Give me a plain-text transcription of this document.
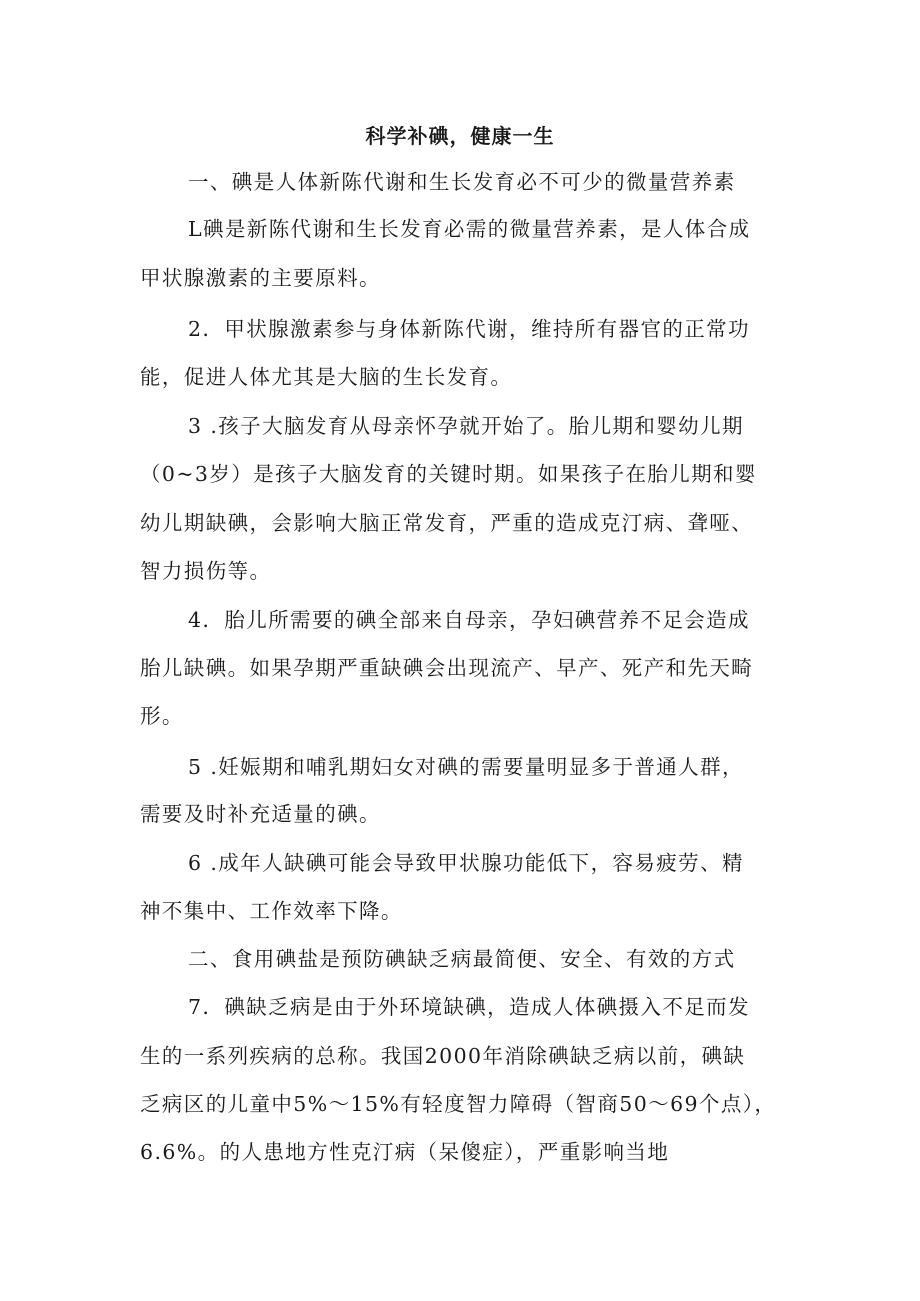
科学补碘，健康一生
一、碘是人体新陈代谢和生长发育必不可少的微量营养素
L碘是新陈代谢和生长发育必需的微量营养素，是人体合成
甲状腺激素的主要原料。
2．甲状腺激素参与身体新陈代谢，维持所有器官的正常功
能，促进人体尤其是大脑的生长发育。
3 .孩子大脑发育从母亲怀孕就开始了。胎儿期和婴幼儿期
（0~3岁）是孩子大脑发育的关键时期。如果孩子在胎儿期和婴
幼儿期缺碘，会影响大脑正常发育，严重的造成克汀病、聋哑、
智力损伤等。
4．胎儿所需要的碘全部来自母亲，孕妇碘营养不足会造成
胎儿缺碘。如果孕期严重缺碘会出现流产、早产、死产和先天畸
形。
5 .妊娠期和哺乳期妇女对碘的需要量明显多于普通人群，
需要及时补充适量的碘。
6 .成年人缺碘可能会导致甲状腺功能低下，容易疲劳、精
神不集中、工作效率下降。
二、食用碘盐是预防碘缺乏病最简便、安全、有效的方式
7．碘缺乏病是由于外环境缺碘，造成人体碘摄入不足而发
生的一系列疾病的总称。我国2000年消除碘缺乏病以前，碘缺
乏病区的儿童中5%～15%有轻度智力障碍（智商50～69个点），
6.6%。的人患地方性克汀病（呆傻症），严重影响当地
